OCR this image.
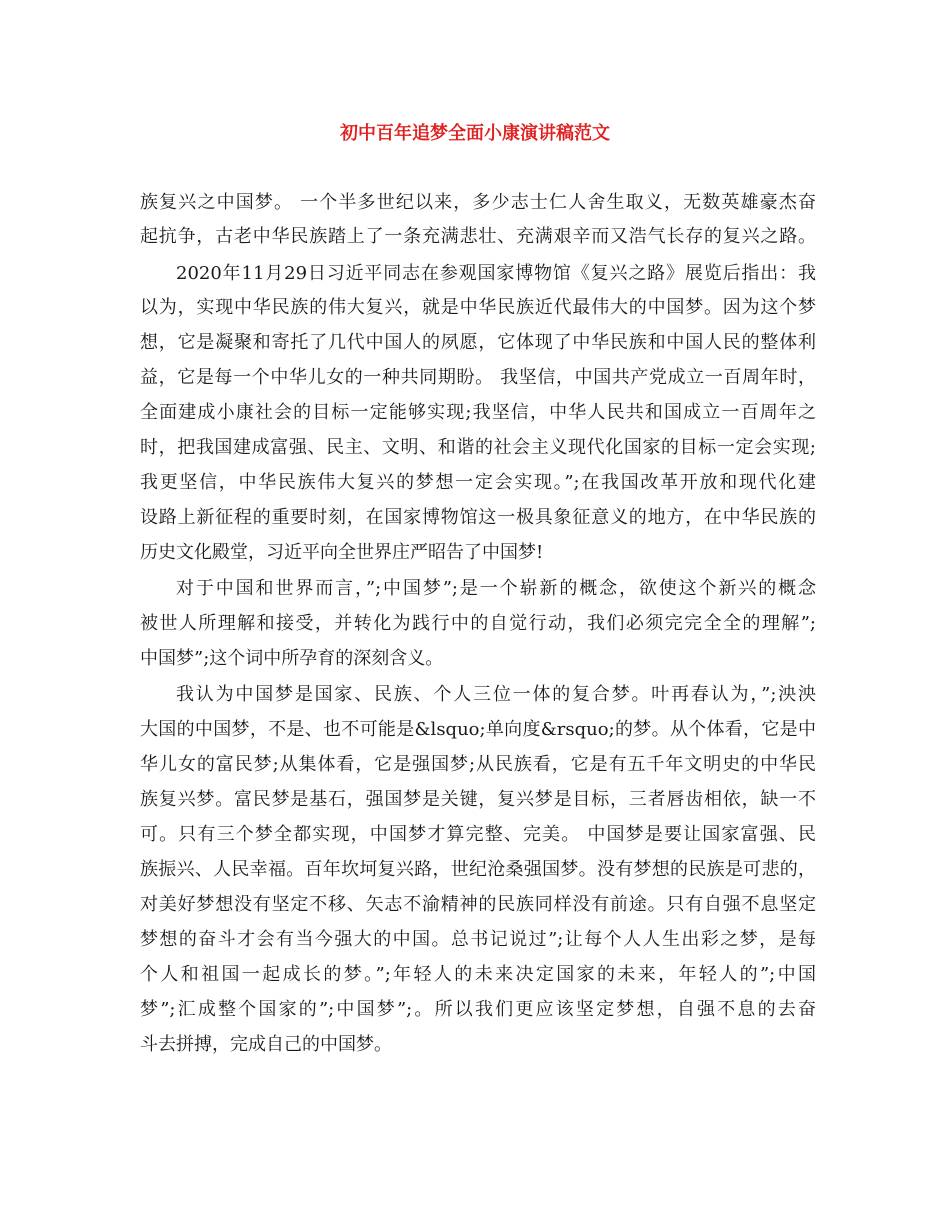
初中百年追梦全面小康演讲稿范文
族复兴之中国梦。 一个半多世纪以来，多少志士仁人舍生取义，无数英雄豪杰奋
起抗争，古老中华民族踏上了一条充满悲壮、充满艰辛而又浩气长存的复兴之路。
2020年11月29日习近平同志在参观国家博物馆《复兴之路》展览后指出：我
以为，实现中华民族的伟大复兴，就是中华民族近代最伟大的中国梦。因为这个梦
想，它是凝聚和寄托了几代中国人的夙愿，它体现了中华民族和中国人民的整体利
益，它是每一个中华儿女的一种共同期盼。 我坚信，中国共产党成立一百周年时，
全面建成小康社会的目标一定能够实现;我坚信，中华人民共和国成立一百周年之
时，把我国建成富强、民主、文明、和谐的社会主义现代化国家的目标一定会实现;
我更坚信，中华民族伟大复兴的梦想一定会实现。”;在我国改革开放和现代化建
设路上新征程的重要时刻，在国家博物馆这一极具象征意义的地方，在中华民族的
历史文化殿堂，习近平向全世界庄严昭告了中国梦!
对于中国和世界而言，”;中国梦”;是一个崭新的概念，欲使这个新兴的概念
被世人所理解和接受，并转化为践行中的自觉行动，我们必须完完全全的理解”;
中国梦”;这个词中所孕育的深刻含义。
我认为中国梦是国家、民族、个人三位一体的复合梦。叶再春认为，”;泱泱
大国的中国梦，不是、也不可能是&lsquo;单向度&rsquo;的梦。从个体看，它是中
华儿女的富民梦;从集体看，它是强国梦;从民族看，它是有五千年文明史的中华民
族复兴梦。富民梦是基石，强国梦是关键，复兴梦是目标，三者唇齿相依，缺一不
可。只有三个梦全都实现，中国梦才算完整、完美。 中国梦是要让国家富强、民
族振兴、人民幸福。百年坎坷复兴路，世纪沧桑强国梦。没有梦想的民族是可悲的，
对美好梦想没有坚定不移、矢志不渝精神的民族同样没有前途。只有自强不息坚定
梦想的奋斗才会有当今强大的中国。总书记说过”;让每个人人生出彩之梦，是每
个人和祖国一起成长的梦。”;年轻人的未来决定国家的未来，年轻人的”;中国
梦”;汇成整个国家的”;中国梦”;。所以我们更应该坚定梦想，自强不息的去奋
斗去拼搏，完成自己的中国梦。
